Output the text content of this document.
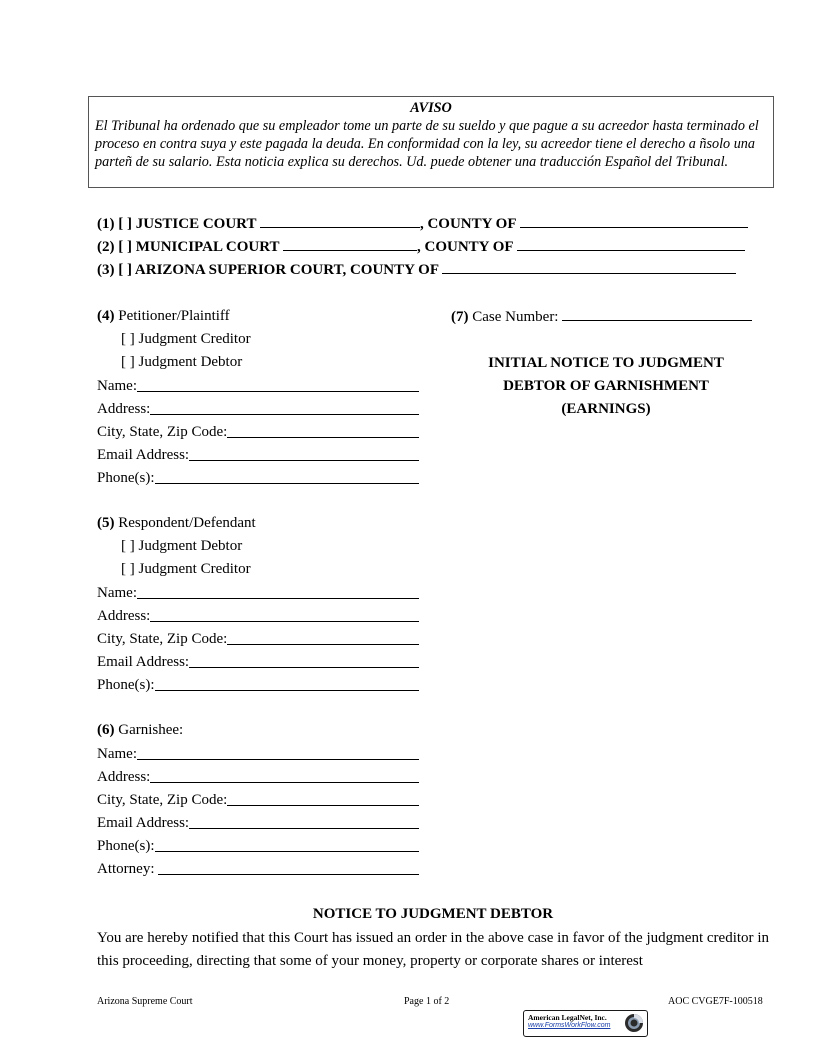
AVISO
El Tribunal ha ordenado que su empleador tome un parte de su sueldo y que pague a su acreedor hasta terminado el proceso en contra suya y este pagada la deuda. En conformidad con la ley, su acreedor tiene el derecho a ñsolo una parteñ de su salario. Esta noticia explica su derechos. Ud. puede obtener una traducción Español del Tribunal.
(1) [ ] JUSTICE COURT	, COUNTY OF
(2) [ ] MUNICIPAL COURT	, COUNTY OF
(3) [ ] ARIZONA SUPERIOR COURT, COUNTY OF
(4) Petitioner/Plaintiff
[ ] Judgment Creditor
[ ] Judgment Debtor
Name:
Address:
City, State, Zip Code:
Email Address:
Phone(s):
(5) Respondent/Defendant
[ ] Judgment Debtor
[ ] Judgment Creditor
Name:
Address:
City, State, Zip Code:
Email Address:
Phone(s):
(6) Garnishee:
Name:
Address:
City, State, Zip Code:
Email Address:
Phone(s):
Attorney:
(7) Case Number:
INITIAL NOTICE TO JUDGMENT
DEBTOR OF GARNISHMENT
(EARNINGS)
NOTICE TO JUDGMENT DEBTOR
You are hereby notified that this Court has issued an order in the above case in favor of the judgment creditor in this proceeding, directing that some of your money, property or corporate shares or interest
Arizona Supreme Court	Page 1 of 2	AOC CVGE7F-100518
American LegalNet, Inc.
www.FormsWorkFlow.com
